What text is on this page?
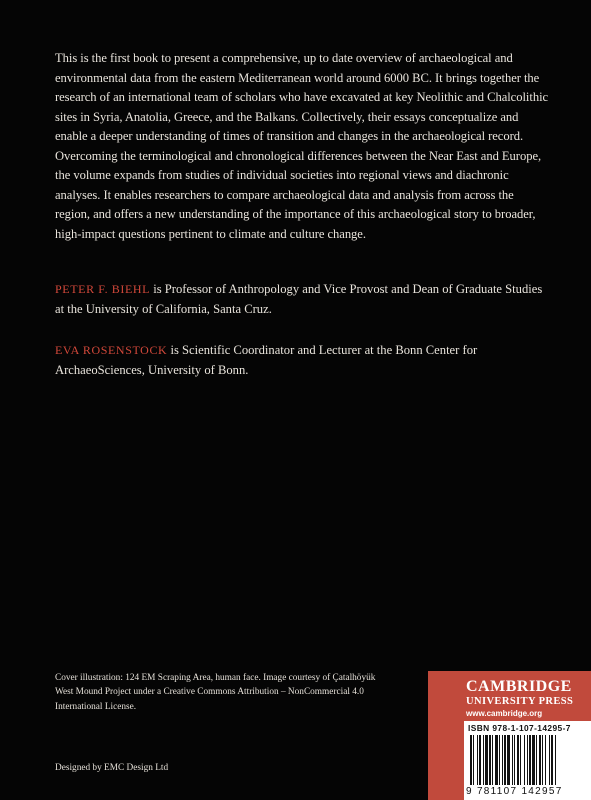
This is the first book to present a comprehensive, up to date overview of archaeological and environmental data from the eastern Mediterranean world around 6000 BC. It brings together the research of an international team of scholars who have excavated at key Neolithic and Chalcolithic sites in Syria, Anatolia, Greece, and the Balkans. Collectively, their essays conceptualize and enable a deeper understanding of times of transition and changes in the archaeological record. Overcoming the terminological and chronological differences between the Near East and Europe, the volume expands from studies of individual societies into regional views and diachronic analyses. It enables researchers to compare archaeological data and analysis from across the region, and offers a new understanding of the importance of this archaeological story to broader, high-impact questions pertinent to climate and culture change.

PETER F. BIEHL is Professor of Anthropology and Vice Provost and Dean of Graduate Studies at the University of California, Santa Cruz.

EVA ROSENSTOCK is Scientific Coordinator and Lecturer at the Bonn Center for ArchaeoSciences, University of Bonn.

Cover illustration: 124 EM Scraping Area, human face. Image courtesy of Çatalhöyük West Mound Project under a Creative Commons Attribution – NonCommercial 4.0 International License.

Designed by EMC Design Ltd

CAMBRIDGE
UNIVERSITY PRESS
www.cambridge.org
ISBN 978-1-107-14295-7
9 781107 142957
